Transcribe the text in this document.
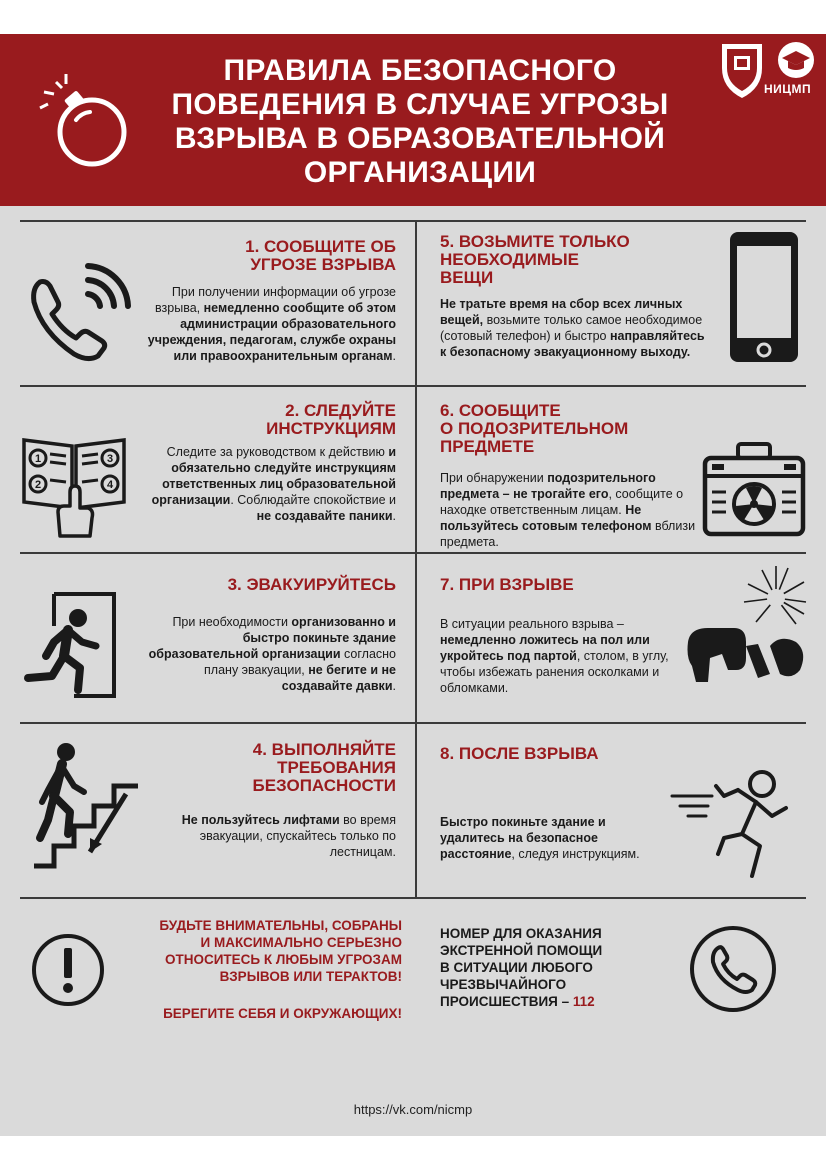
ПРАВИЛА БЕЗОПАСНОГО
ПОВЕДЕНИЯ В СЛУЧАЕ УГРОЗЫ
ВЗРЫВА В ОБРАЗОВАТЕЛЬНОЙ
ОРГАНИЗАЦИИ
НИЦМП
1. СООБЩИТЕ ОБ
УГРОЗЕ ВЗРЫВА
При получении информации об угрозе взрыва, немедленно сообщите об этом администрации образовательного учреждения, педагогам, службе охраны или правоохранительным органам.
5. ВОЗЬМИТЕ ТОЛЬКО
НЕОБХОДИМЫЕ
ВЕЩИ
Не тратьте время на сбор всех личных вещей, возьмите только самое необходимое (сотовый телефон) и быстро направляйтесь к безопасному эвакуационному выходу.
1
2
3
4
2. СЛЕДУЙТЕ
ИНСТРУКЦИЯМ
Следите за руководством к действию и обязательно следуйте инструкциям ответственных лиц образовательной организации. Соблюдайте спокойствие и не создавайте паники.
6. СООБЩИТЕ
О ПОДОЗРИТЕЛЬНОМ
ПРЕДМЕТЕ
При обнаружении подозрительного предмета – не трогайте его, сообщите о находке ответственным лицам. Не пользуйтесь сотовым телефоном вблизи предмета.
3. ЭВАКУИРУЙТЕСЬ
При необходимости организованно и быстро покиньте здание образовательной организации согласно плану эвакуации, не бегите и не создавайте давки.
7. ПРИ ВЗРЫВЕ
В ситуации реального взрыва – немедленно ложитесь на пол или укройтесь под партой, столом, в углу, чтобы избежать ранения осколками и обломками.
4. ВЫПОЛНЯЙТЕ
ТРЕБОВАНИЯ
БЕЗОПАСНОСТИ
Не пользуйтесь лифтами во время эвакуации, спускайтесь только по лестницам.
8. ПОСЛЕ ВЗРЫВА
Быстро покиньте здание и удалитесь на безопасное расстояние, следуя инструкциям.
БУДЬТЕ ВНИМАТЕЛЬНЫ, СОБРАНЫ
И МАКСИМАЛЬНО СЕРЬЕЗНО
ОТНОСИТЕСЬ К ЛЮБЫМ УГРОЗАМ
ВЗРЫВОВ ИЛИ ТЕРАКТОВ!
БЕРЕГИТЕ СЕБЯ И ОКРУЖАЮЩИХ!
НОМЕР ДЛЯ ОКАЗАНИЯ
ЭКСТРЕННОЙ ПОМОЩИ
В СИТУАЦИИ ЛЮБОГО
ЧРЕЗВЫЧАЙНОГО
ПРОИСШЕСТВИЯ – 112
https://vk.com/nicmp
